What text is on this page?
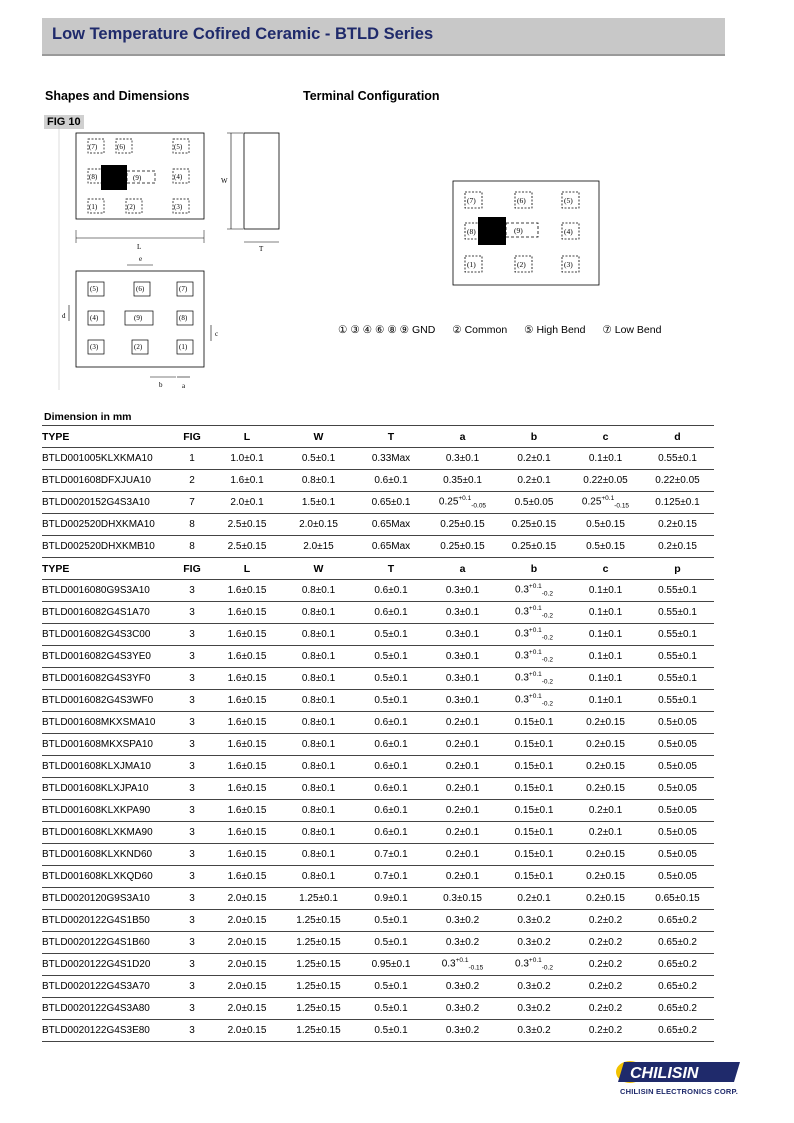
Low Temperature Cofired Ceramic - BTLD Series
Shapes and Dimensions	Terminal Configuration
FIG 10
(7)	(6)	(5)
(8)	(9)	(4)
(1)	(2)	(3)
W
T
L
(5)	(6)	(7)
(4)	(9)	(8)
(3)	(2)	(1)
e
d
c
b	a
(7)	(6)	(5)
(8)	(9)	(4)
(1)	(2)	(3)
① ③ ④ ⑥ ⑧ ⑨ GND ② Common ⑤ High Bend ⑦ Low Bend
Dimension in mm
TYPE	FIG	L	W	T	a	b	c	d
BTLD001005KLXKMA10	1	1.0±0.1	0.5±0.1	0.33Max	0.3±0.1	0.2±0.1	0.1±0.1	0.55±0.1
BTLD001608DFXJUA10	2	1.6±0.1	0.8±0.1	0.6±0.1	0.35±0.1	0.2±0.1	0.22±0.05	0.22±0.05
BTLD0020152G4S3A10	7	2.0±0.1	1.5±0.1	0.65±0.1	$0.25^{+0.1}_{-0.05}$	0.5±0.05	$0.25^{+0.1}_{-0.15}$	0.125±0.1
BTLD002520DHXKMA10	8	2.5±0.15	2.0±0.15	0.65Max	0.25±0.15	0.25±0.15	0.5±0.15	0.2±0.15
BTLD002520DHXKMB10	8	2.5±0.15	2.0±15	0.65Max	0.25±0.15	0.25±0.15	0.5±0.15	0.2±0.15
TYPE	FIG	L	W	T	a	b	c	p
BTLD0016080G9S3A10	3	1.6±0.15	0.8±0.1	0.6±0.1	0.3±0.1	$0.3^{+0.1}_{-0.2}$	0.1±0.1	0.55±0.1
BTLD0016082G4S1A70	3	1.6±0.15	0.8±0.1	0.6±0.1	0.3±0.1	$0.3^{+0.1}_{-0.2}$	0.1±0.1	0.55±0.1
BTLD0016082G4S3C00	3	1.6±0.15	0.8±0.1	0.5±0.1	0.3±0.1	$0.3^{+0.1}_{-0.2}$	0.1±0.1	0.55±0.1
BTLD0016082G4S3YE0	3	1.6±0.15	0.8±0.1	0.5±0.1	0.3±0.1	$0.3^{+0.1}_{-0.2}$	0.1±0.1	0.55±0.1
BTLD0016082G4S3YF0	3	1.6±0.15	0.8±0.1	0.5±0.1	0.3±0.1	$0.3^{+0.1}_{-0.2}$	0.1±0.1	0.55±0.1
BTLD0016082G4S3WF0	3	1.6±0.15	0.8±0.1	0.5±0.1	0.3±0.1	$0.3^{+0.1}_{-0.2}$	0.1±0.1	0.55±0.1
BTLD001608MKXSMA10	3	1.6±0.15	0.8±0.1	0.6±0.1	0.2±0.1	0.15±0.1	0.2±0.15	0.5±0.05
BTLD001608MKXSPA10	3	1.6±0.15	0.8±0.1	0.6±0.1	0.2±0.1	0.15±0.1	0.2±0.15	0.5±0.05
BTLD001608KLXJMA10	3	1.6±0.15	0.8±0.1	0.6±0.1	0.2±0.1	0.15±0.1	0.2±0.15	0.5±0.05
BTLD001608KLXJPA10	3	1.6±0.15	0.8±0.1	0.6±0.1	0.2±0.1	0.15±0.1	0.2±0.15	0.5±0.05
BTLD001608KLXKPA90	3	1.6±0.15	0.8±0.1	0.6±0.1	0.2±0.1	0.15±0.1	0.2±0.1	0.5±0.05
BTLD001608KLXKMA90	3	1.6±0.15	0.8±0.1	0.6±0.1	0.2±0.1	0.15±0.1	0.2±0.1	0.5±0.05
BTLD001608KLXKND60	3	1.6±0.15	0.8±0.1	0.7±0.1	0.2±0.1	0.15±0.1	0.2±0.15	0.5±0.05
BTLD001608KLXKQD60	3	1.6±0.15	0.8±0.1	0.7±0.1	0.2±0.1	0.15±0.1	0.2±0.15	0.5±0.05
BTLD0020120G9S3A10	3	2.0±0.15	1.25±0.1	0.9±0.1	0.3±0.15	0.2±0.1	0.2±0.15	0.65±0.15
BTLD0020122G4S1B50	3	2.0±0.15	1.25±0.15	0.5±0.1	0.3±0.2	0.3±0.2	0.2±0.2	0.65±0.2
BTLD0020122G4S1B60	3	2.0±0.15	1.25±0.15	0.5±0.1	0.3±0.2	0.3±0.2	0.2±0.2	0.65±0.2
BTLD0020122G4S1D20	3	2.0±0.15	1.25±0.15	0.95±0.1	$0.3^{+0.1}_{-0.15}$	$0.3^{+0.1}_{-0.2}$	0.2±0.2	0.65±0.2
BTLD0020122G4S3A70	3	2.0±0.15	1.25±0.15	0.5±0.1	0.3±0.2	0.3±0.2	0.2±0.2	0.65±0.2
BTLD0020122G4S3A80	3	2.0±0.15	1.25±0.15	0.5±0.1	0.3±0.2	0.3±0.2	0.2±0.2	0.65±0.2
BTLD0020122G4S3E80	3	2.0±0.15	1.25±0.15	0.5±0.1	0.3±0.2	0.3±0.2	0.2±0.2	0.65±0.2
CHILISIN
CHILISIN ELECTRONICS CORP.
